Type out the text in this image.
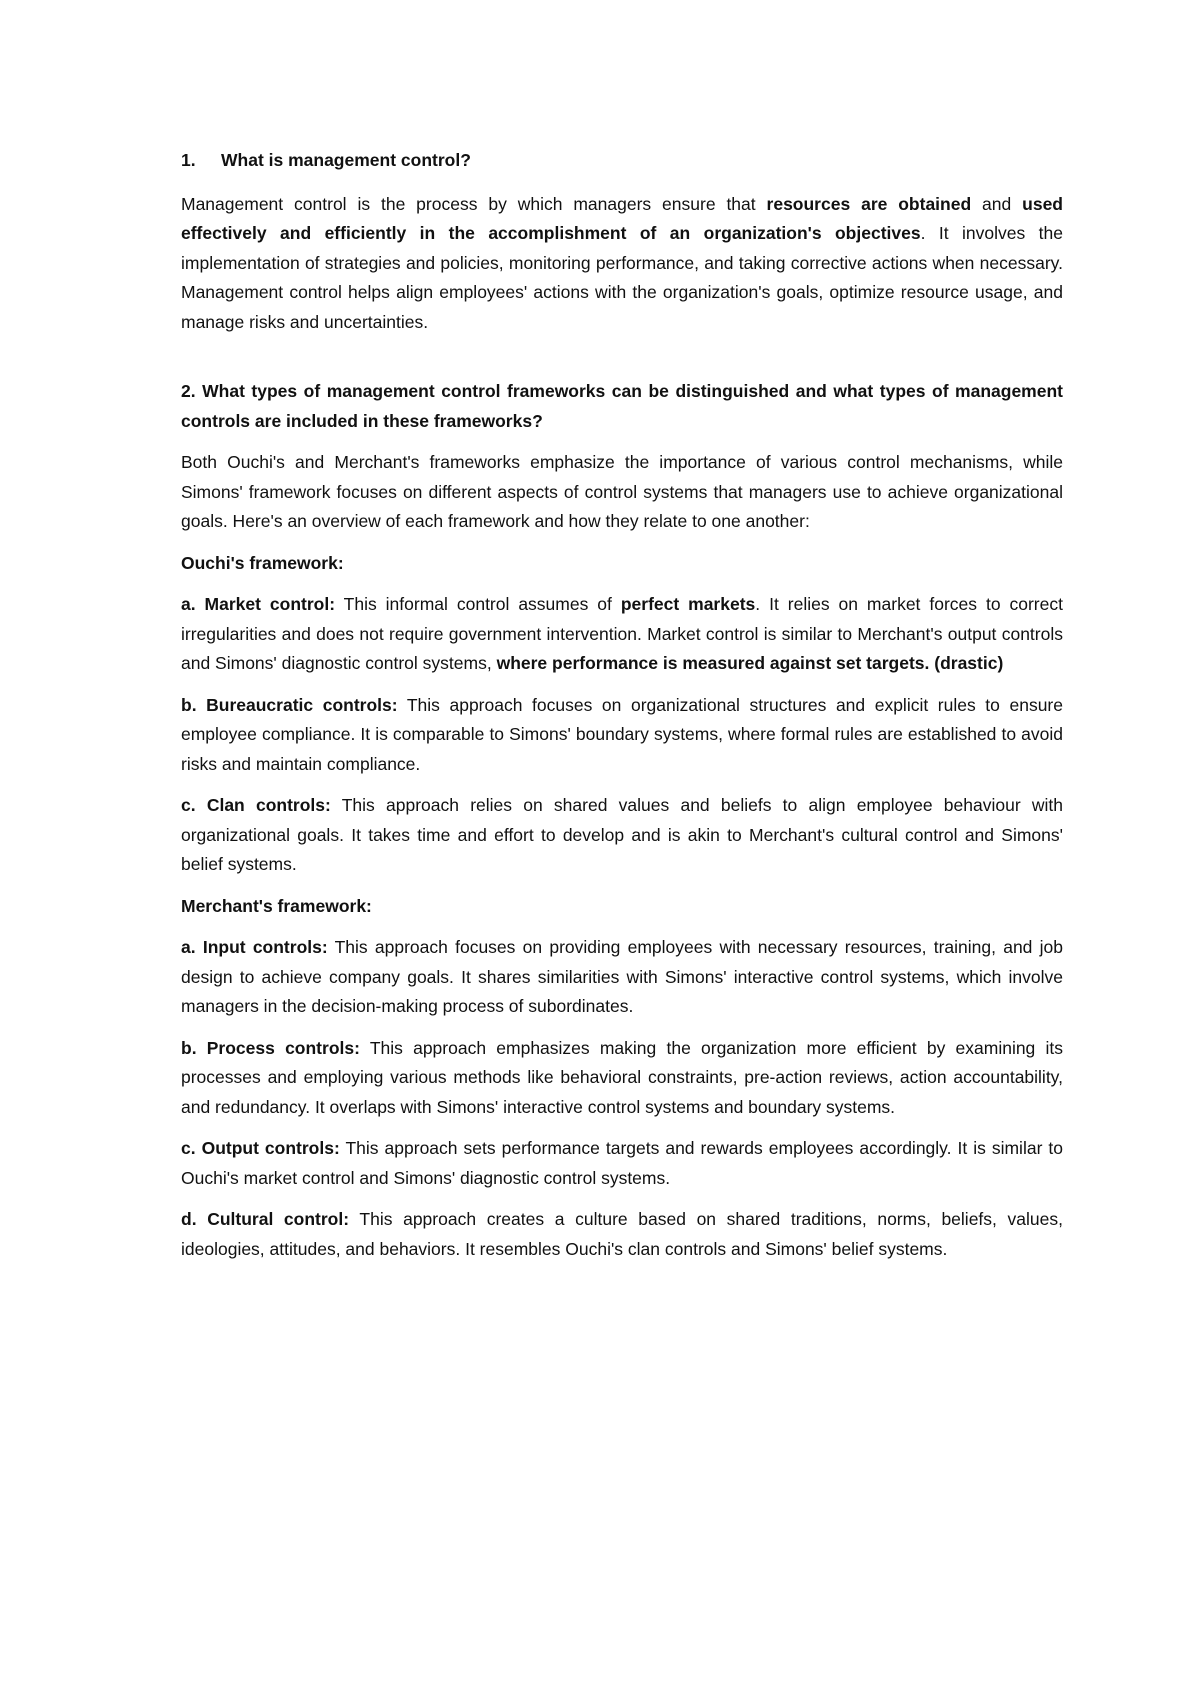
1.	What is management control?

Management control is the process by which managers ensure that resources are obtained and used effectively and efficiently in the accomplishment of an organization's objectives. It involves the implementation of strategies and policies, monitoring performance, and taking corrective actions when necessary. Management control helps align employees' actions with the organization's goals, optimize resource usage, and manage risks and uncertainties.

2. What types of management control frameworks can be distinguished and what types of management controls are included in these frameworks?

Both Ouchi's and Merchant's frameworks emphasize the importance of various control mechanisms, while Simons' framework focuses on different aspects of control systems that managers use to achieve organizational goals. Here's an overview of each framework and how they relate to one another:

Ouchi's framework:

a. Market control: This informal control assumes of perfect markets. It relies on market forces to correct irregularities and does not require government intervention. Market control is similar to Merchant's output controls and Simons' diagnostic control systems, where performance is measured against set targets. (drastic)

b. Bureaucratic controls: This approach focuses on organizational structures and explicit rules to ensure employee compliance. It is comparable to Simons' boundary systems, where formal rules are established to avoid risks and maintain compliance.

c. Clan controls: This approach relies on shared values and beliefs to align employee behaviour with organizational goals. It takes time and effort to develop and is akin to Merchant's cultural control and Simons' belief systems.

Merchant's framework:

a. Input controls: This approach focuses on providing employees with necessary resources, training, and job design to achieve company goals. It shares similarities with Simons' interactive control systems, which involve managers in the decision-making process of subordinates.

b. Process controls: This approach emphasizes making the organization more efficient by examining its processes and employing various methods like behavioral constraints, pre-action reviews, action accountability, and redundancy. It overlaps with Simons' interactive control systems and boundary systems.

c. Output controls: This approach sets performance targets and rewards employees accordingly. It is similar to Ouchi's market control and Simons' diagnostic control systems.

d. Cultural control: This approach creates a culture based on shared traditions, norms, beliefs, values, ideologies, attitudes, and behaviors. It resembles Ouchi's clan controls and Simons' belief systems.
